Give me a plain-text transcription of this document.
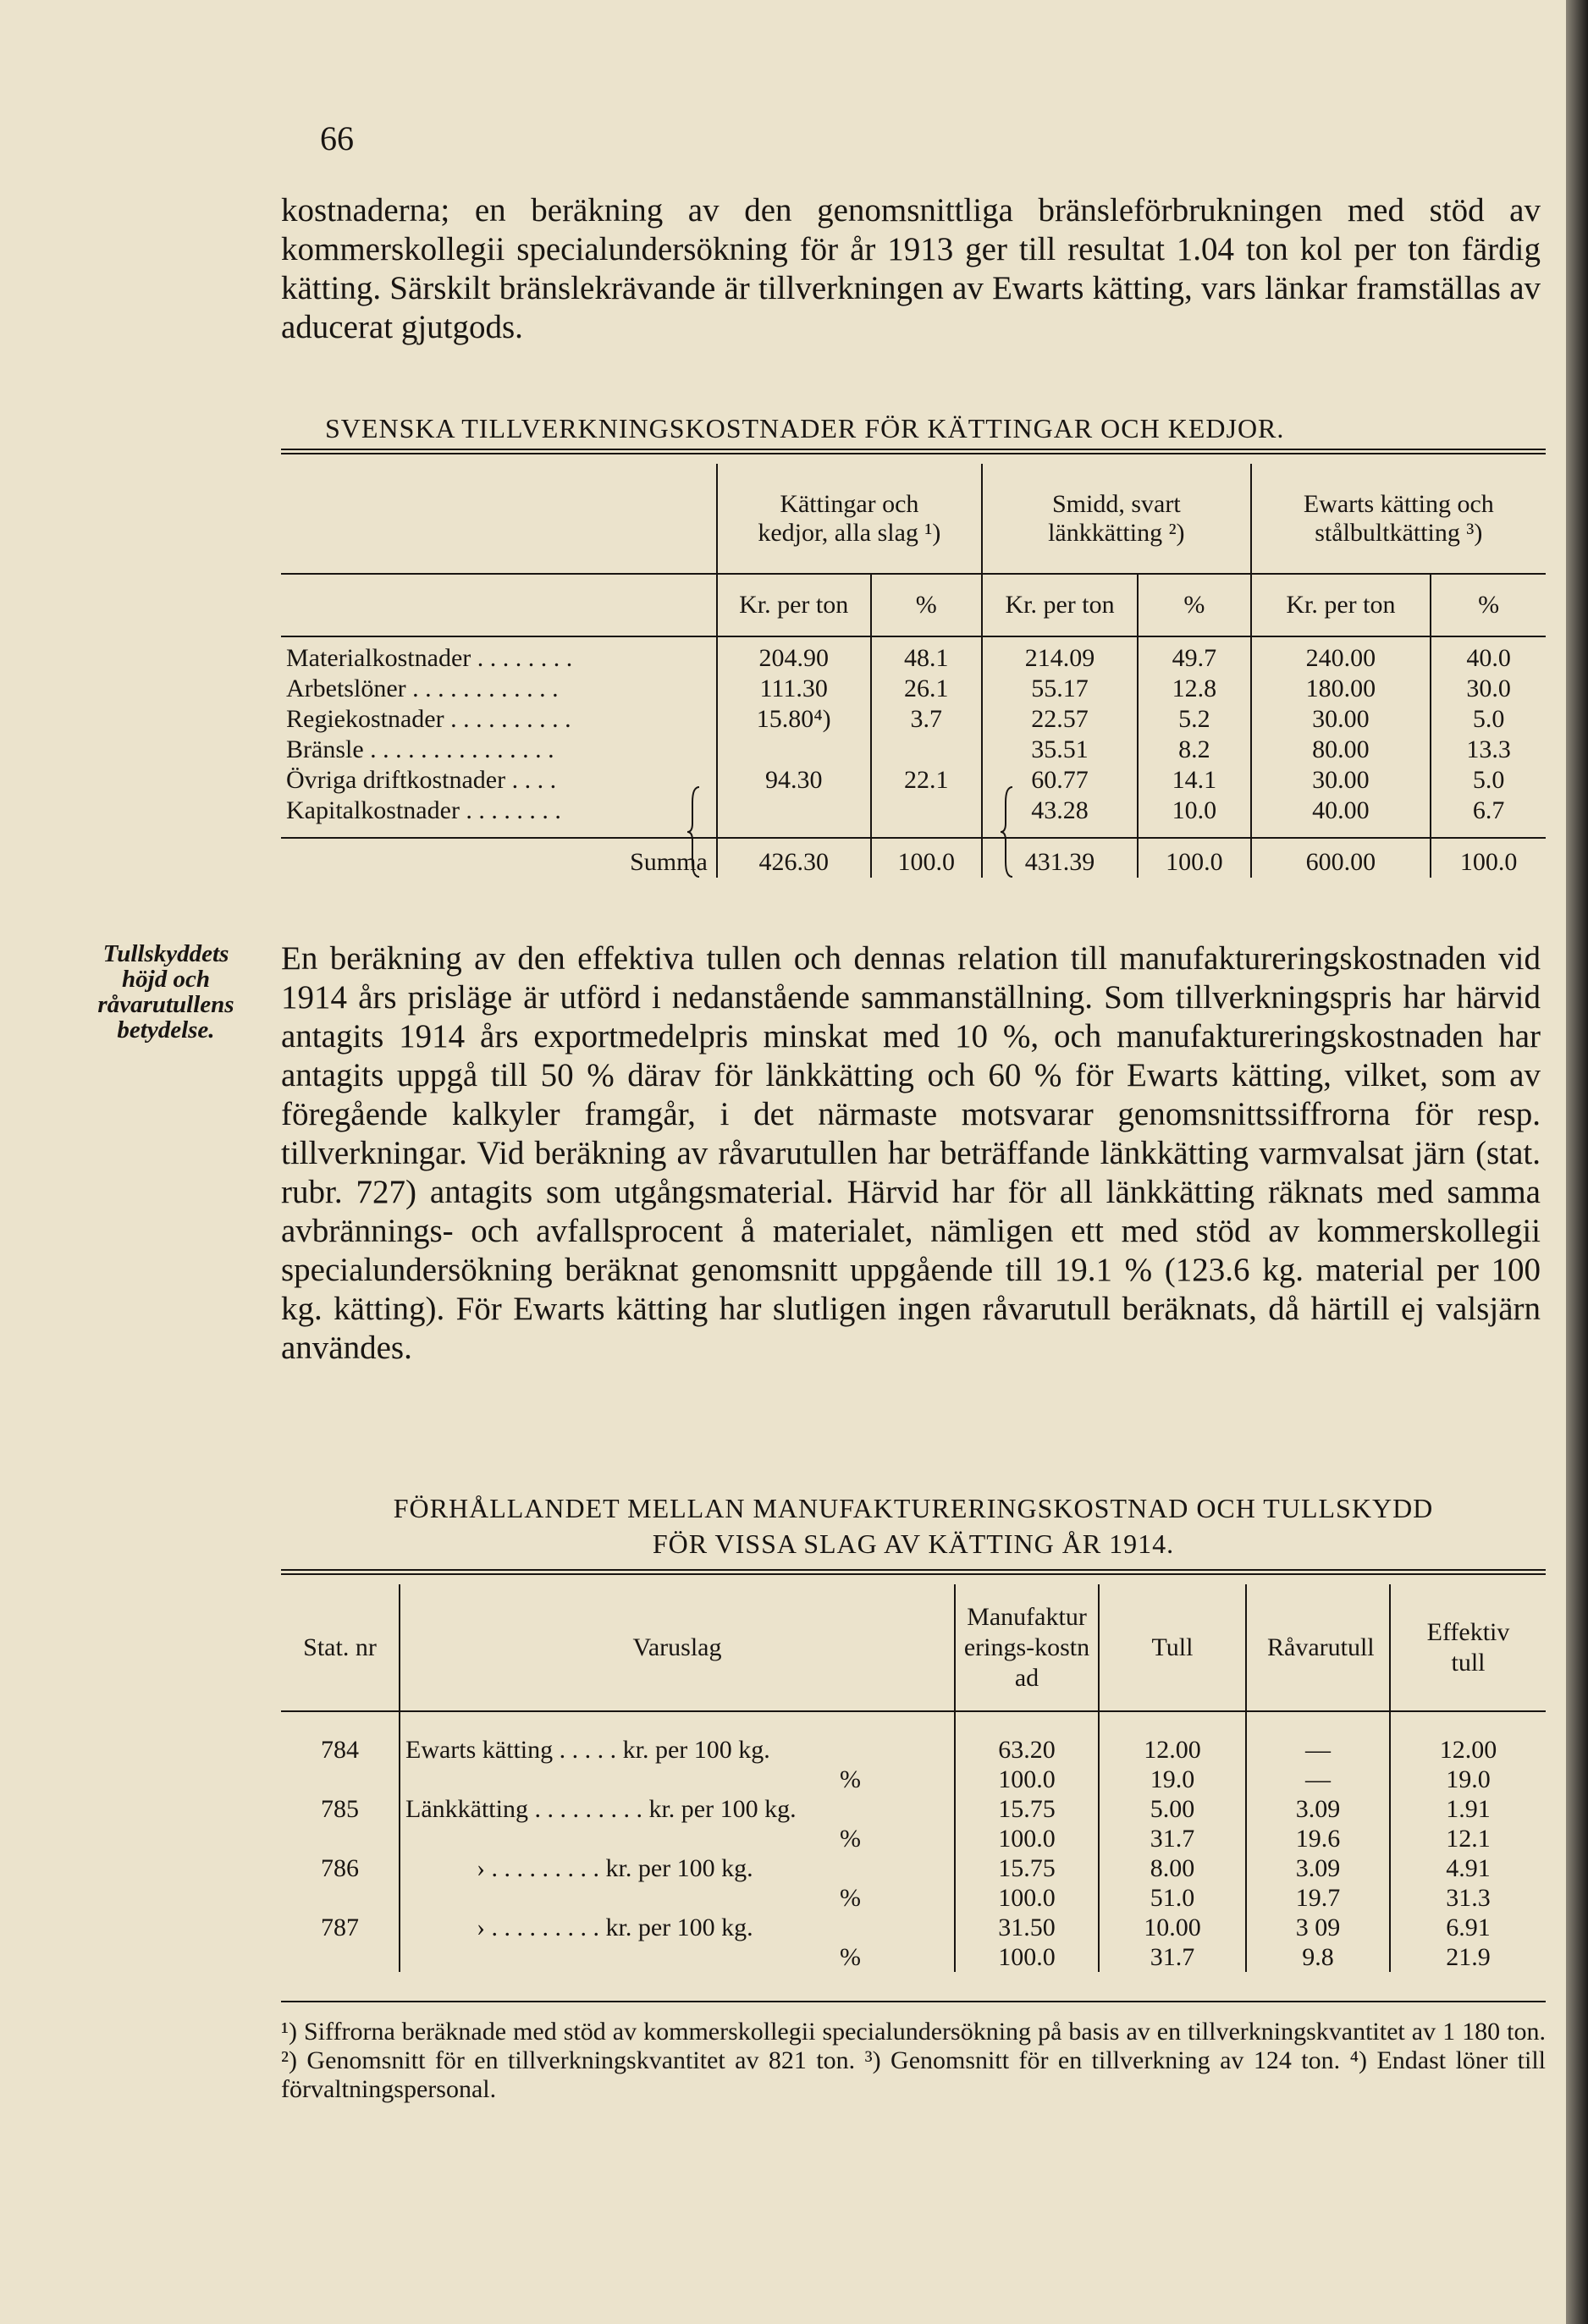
66

kostnaderna; en beräkning av den genomsnittliga bränsleförbrukningen med stöd av kommerskollegii specialundersökning för år 1913 ger till resultat 1.04 ton kol per ton färdig kätting. Särskilt bränslekrävande är tillverkningen av Ewarts kätting, vars länkar framställas av aducerat gjutgods.

SVENSKA TILLVERKNINGSKOSTNADER FÖR KÄTTINGAR OCH KEDJOR.

	Kättingar och kedjor, alla slag ¹)		Smidd, svart länkkätting ²)		Ewarts kätting och stålbultkätting ³)	

	Kr. per ton	%	Kr. per ton	%	Kr. per ton	%

Materialkostnader . . . . . . . .	204.90	48.1	214.09	49.7	240.00	40.0
Arbetslöner . . . . . . . . . . . .	111.30	26.1	55.17	12.8	180.00	30.0
Regiekostnader . . . . . . . . . .	15.80⁴)	3.7	22.57	5.2	30.00	5.0
Bränsle . . . . . . . . . . . . . . .			35.51	8.2	80.00	13.3
Övriga driftkostnader . . . .	94.30	22.1	60.77	14.1	30.00	5.0
Kapitalkostnader . . . . . . . .			43.28	10.0	40.00	6.7

Summa	426.30	100.0	431.39	100.0	600.00	100.0
Tullskyddets höjd och råvarutullens betydelse.

En beräkning av den effektiva tullen och dennas relation till manufaktureringskostnaden vid 1914 års prisläge är utförd i nedanstående sammanställning. Som tillverkningspris har härvid antagits 1914 års exportmedelpris minskat med 10 %, och manufaktureringskostnaden har antagits uppgå till 50 % därav för länkkätting och 60 % för Ewarts kätting, vilket, som av föregående kalkyler framgår, i det närmaste motsvarar genomsnittssiffrorna för resp. tillverkningar. Vid beräkning av råvarutullen har beträffande länkkätting varmvalsat järn (stat. rubr. 727) antagits som utgångsmaterial. Härvid har för all länkkätting räknats med samma avbrännings- och avfallsprocent å materialet, nämligen ett med stöd av kommerskollegii specialundersökning beräknat genomsnitt uppgående till 19.1 % (123.6 kg. material per 100 kg. kätting). För Ewarts kätting har slutligen ingen råvarutull beräknats, då härtill ej valsjärn användes.

FÖRHÅLLANDET MELLAN MANUFAKTURERINGSKOSTNAD OCH TULLSKYDD
FÖR VISSA SLAG AV KÄTTING ÅR 1914.
Stat. nr	Varuslag	Manufakturerings-kostnad	Tull	Råvarutull	Effektiv tull

784	Ewarts kätting . . . . . kr. per 100 kg.	63.20	12.00	—	12.00
	%	100.0	19.0	—	19.0
785	Länkkätting . . . . . . . . . kr. per 100 kg.	15.75	5.00	3.09	1.91
	%	100.0	31.7	19.6	12.1
786	› . . . . . . . . . kr. per 100 kg.	15.75	8.00	3.09	4.91
	%	100.0	51.0	19.7	31.3
787	› . . . . . . . . . kr. per 100 kg.	31.50	10.00	3 09	6.91
	%	100.0	31.7	9.8	21.9

¹) Siffrorna beräknade med stöd av kommerskollegii specialundersökning på basis av en tillverkningskvantitet av 1 180 ton. ²) Genomsnitt för en tillverkningskvantitet av 821 ton. ³) Genomsnitt för en tillverkning av 124 ton. ⁴) Endast löner till förvaltningspersonal.
